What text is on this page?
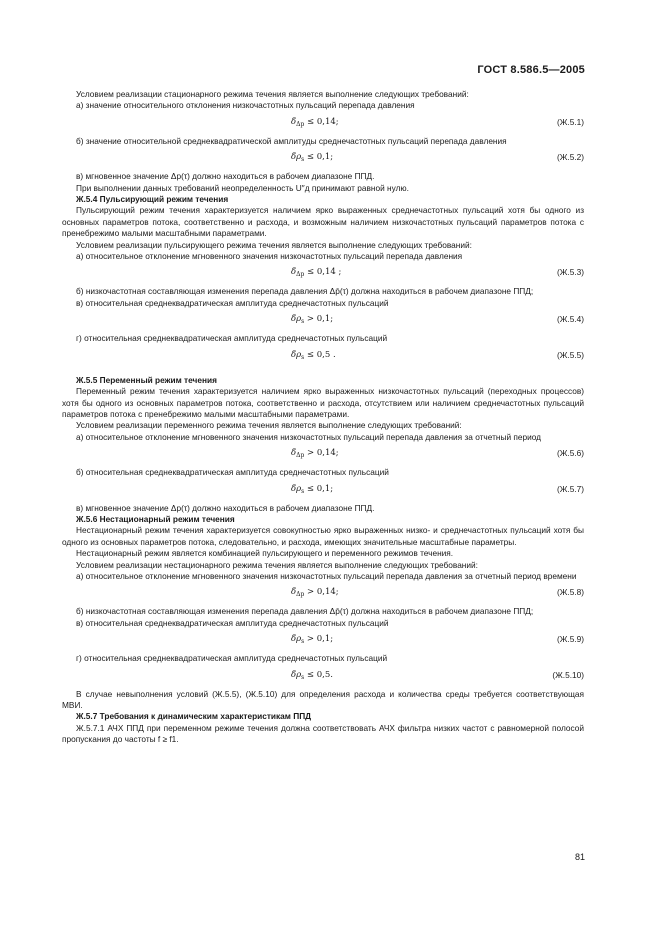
ГОСТ 8.586.5—2005

Условием реализации стационарного режима течения является выполнение следующих требований:

а) значение относительного отклонения низкочастотных пульсаций перепада давления

$\deltã_{\Delta p} \le 0,14$;	(Ж.5.1)

б) значение относительной среднеквадратической амплитуды среднечастотных пульсаций перепада давления

$\deltã\rho_s \le 0,1$;	(Ж.5.2)

в) мгновенное значение Δp(τ) должно находиться в рабочем диапазоне ППД.

При выполнении данных требований неопределенность U″д принимают равной нулю.

Ж.5.4 Пульсирующий режим течения

Пульсирующий режим течения характеризуется наличием ярко выраженных среднечастотных пульсаций хотя бы одного из основных параметров потока, соответственно и расхода, и возможным наличием низкочастотных пульсаций параметров потока с пренебрежимо малыми масштабными параметрами.

Условием реализации пульсирующего режима течения является выполнение следующих требований:

а) относительное отклонение мгновенного значения низкочастотных пульсаций перепада давления

$\deltã_{\Delta p} \le 0,14$ ;	(Ж.5.3)

б) низкочастотная составляющая изменения перепада давления Δp̄(τ) должна находиться в рабочем диапазоне ППД;

в) относительная среднеквадратическая амплитуда среднечастотных пульсаций

$\deltã\rho_s > 0,1$;	(Ж.5.4)

г) относительная среднеквадратическая амплитуда среднечастотных пульсаций

$\deltã\rho_s \le 0,5$ .	(Ж.5.5)

Ж.5.5 Переменный режим течения

Переменный режим течения характеризуется наличием ярко выраженных низкочастотных пульсаций (переходных процессов) хотя бы одного из основных параметров потока, соответственно и расхода, отсутствием или наличием среднечастотных пульсаций параметров потока с пренебрежимо малыми масштабными параметрами.

Условием реализации переменного режима течения является выполнение следующих требований:

а) относительное отклонение мгновенного значения низкочастотных пульсаций перепада давления за отчетный период

$\deltã_{\Delta p} > 0,14$;	(Ж.5.6)

б) относительная среднеквадратическая амплитуда среднечастотных пульсаций

$\deltã\rho_s \le 0,1$;	(Ж.5.7)

в) мгновенное значение Δp(τ) должно находиться в рабочем диапазоне ППД.

Ж.5.6 Нестационарный режим течения

Нестационарный режим течения характеризуется совокупностью ярко выраженных низко- и среднечастотных пульсаций хотя бы одного из основных параметров потока, следовательно, и расхода, имеющих значительные масштабные параметры.

Нестационарный режим является комбинацией пульсирующего и переменного режимов течения.

Условием реализации нестационарного режима течения является выполнение следующих требований:

а) относительное отклонение мгновенного значения низкочастотных пульсаций перепада давления за отчетный период времени

$\deltã_{\Delta p} > 0,14$;	(Ж.5.8)

б) низкочастотная составляющая изменения перепада давления Δp̄(τ) должна находиться в рабочем диапазоне ППД;

в) относительная среднеквадратическая амплитуда среднечастотных пульсаций

$\deltã\rho_s > 0,1$;	(Ж.5.9)

г) относительная среднеквадратическая амплитуда среднечастотных пульсаций

$\deltã\rho_s \le 0,5$.	(Ж.5.10)

В случае невыполнения условий (Ж.5.5), (Ж.5.10) для определения расхода и количества среды требуется соответствующая МВИ.

Ж.5.7 Требования к динамическим характеристикам ППД

Ж.5.7.1 АЧХ ППД при переменном режиме течения должна соответствовать АЧХ фильтра низких частот с равномерной полосой пропускания до частоты f ≥ f1.

81
